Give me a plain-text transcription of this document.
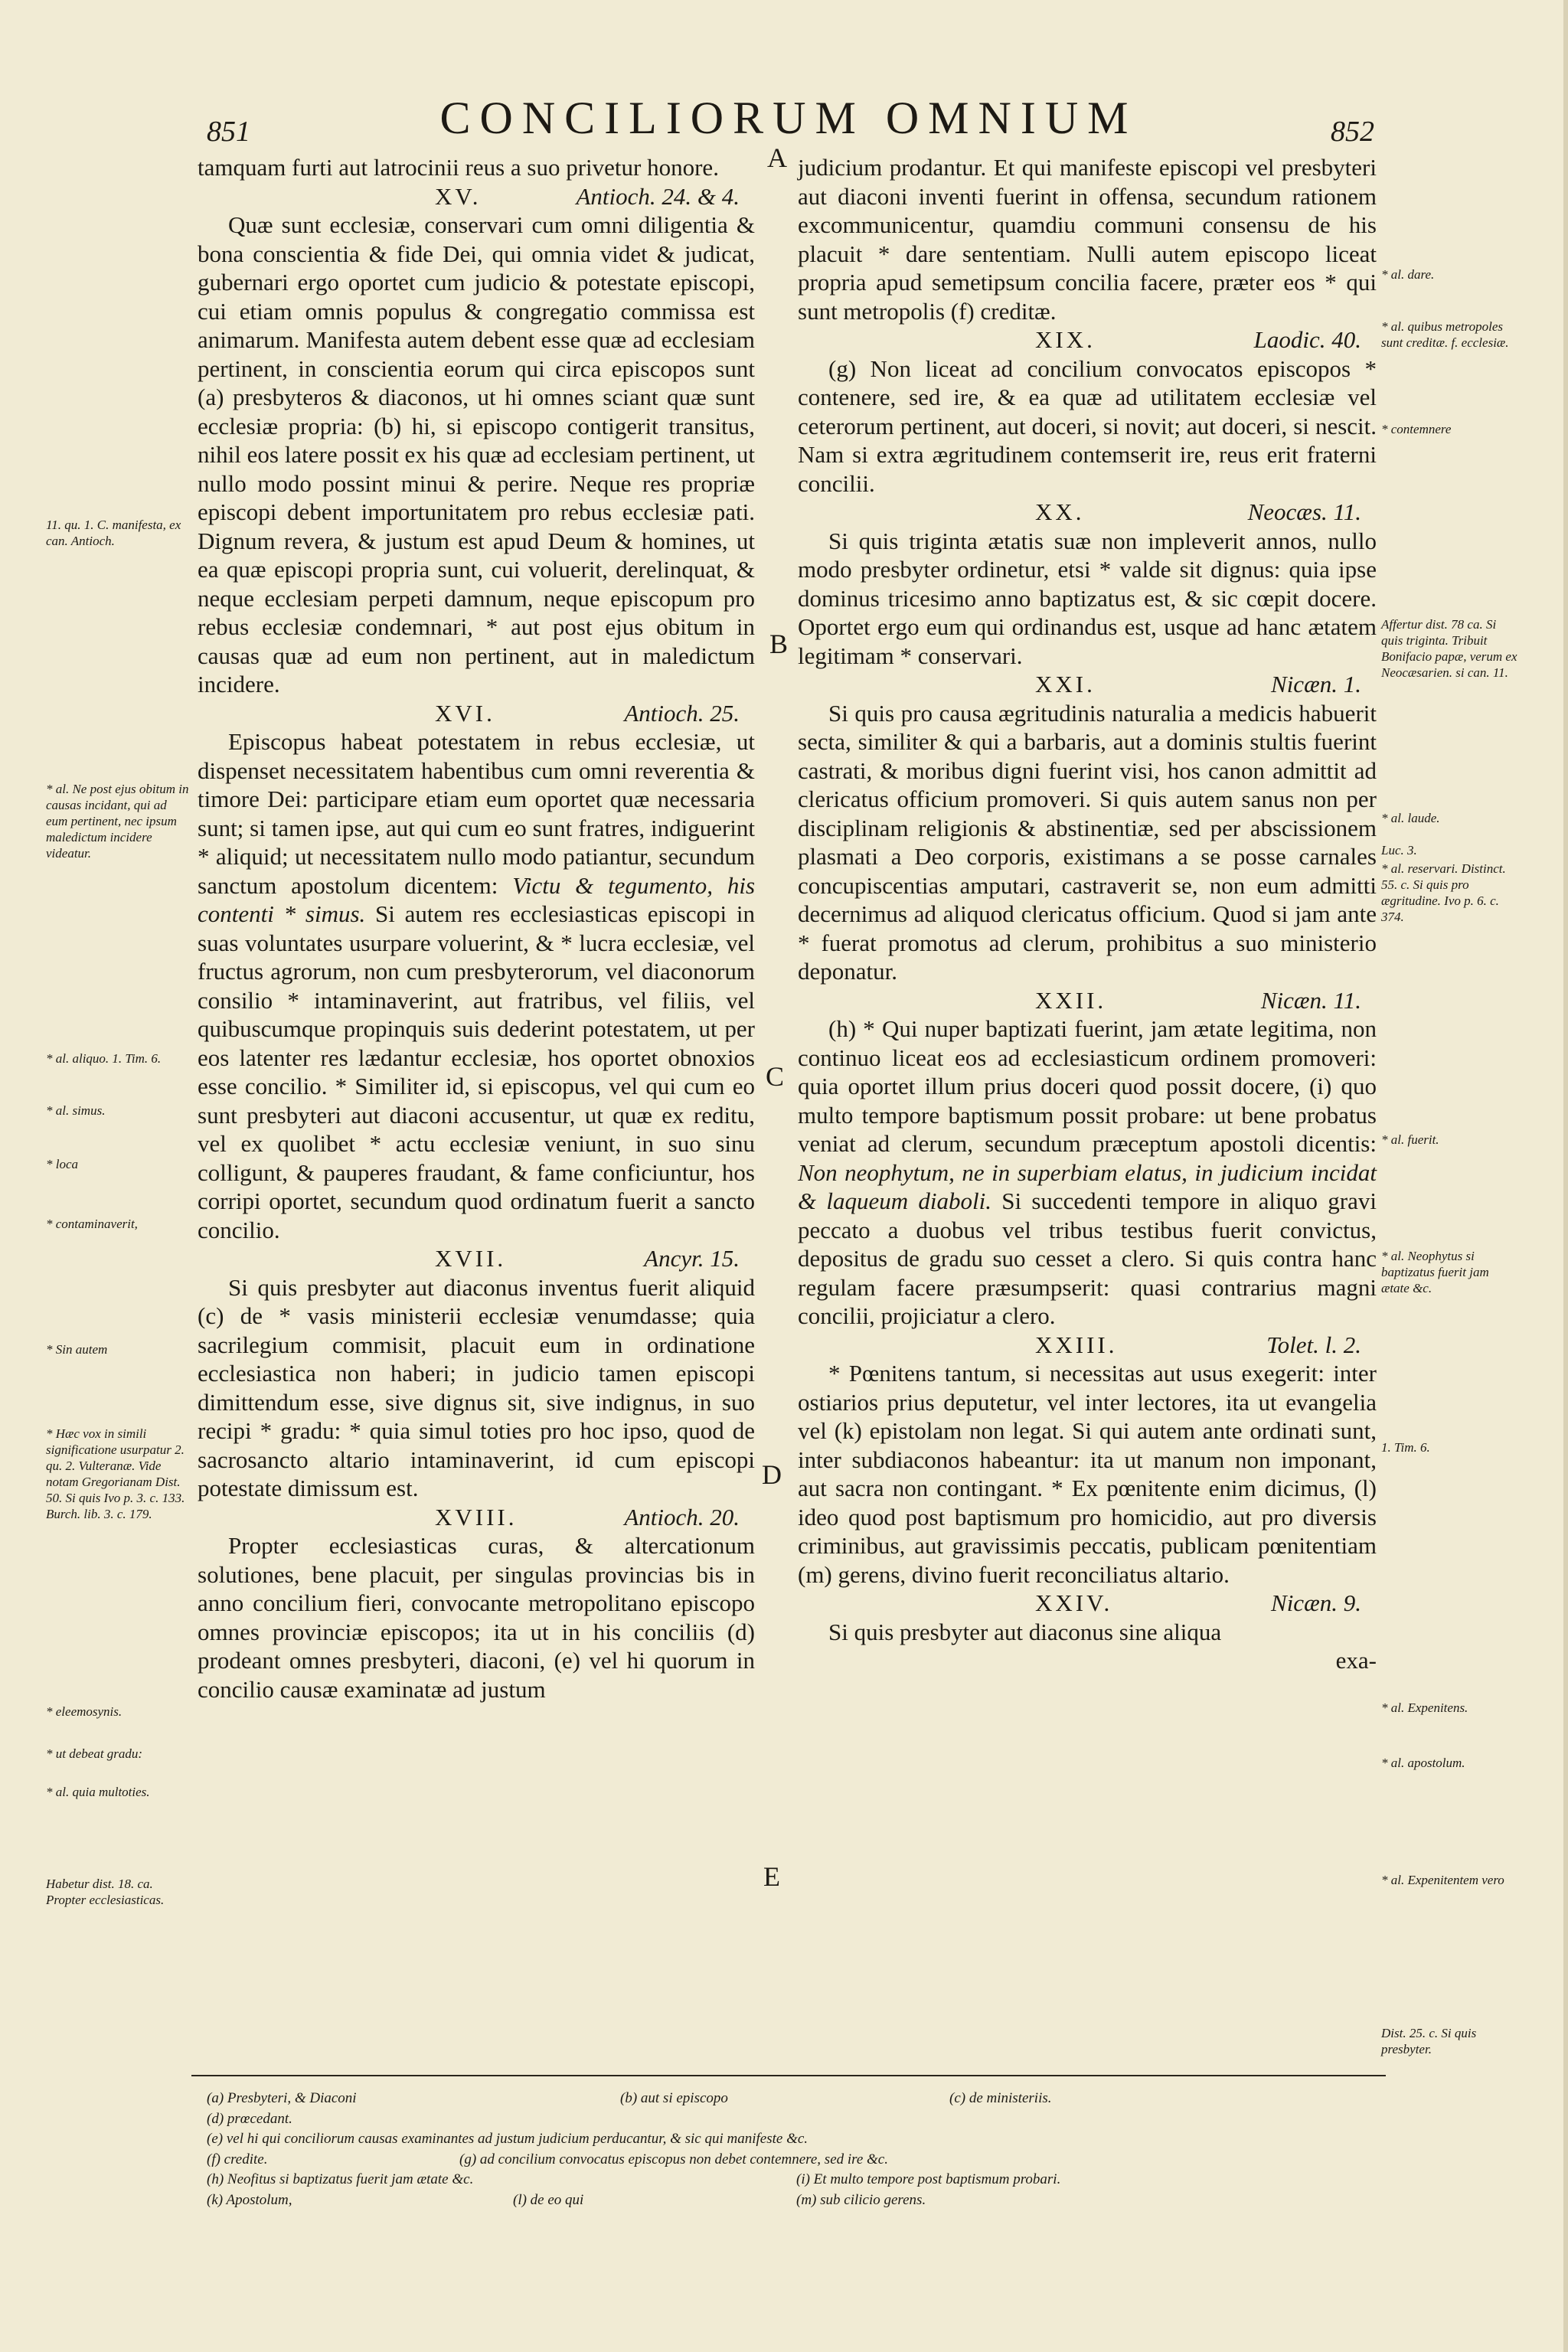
851	CONCILIORUM OMNIUM	852

tamquam furti aut latrocinii reus a suo privetur honore.

XV.	Antioch. 24. & 4.

Quæ sunt ecclesiæ, conservari cum omni diligentia & bona conscientia & fide Dei, qui omnia videt & judicat, gubernari ergo oportet cum judicio & potestate episcopi, cui etiam omnis populus & congregatio commissa est animarum. Manifesta autem debent esse quæ ad ecclesiam pertinent, in conscientia eorum qui circa episcopos sunt (a) presbyteros & diaconos, ut hi omnes sciant quæ sunt ecclesiæ propria: (b) hi, si episcopo contigerit transitus, nihil eos latere possit ex his quæ ad ecclesiam pertinent, ut nullo modo possint minui & perire. Neque res propriæ episcopi debent importunitatem pro rebus ecclesiæ pati. Dignum revera, & justum est apud Deum & homines, ut ea quæ episcopi propria sunt, cui voluerit, derelinquat, & neque ecclesiam perpeti damnum, neque episcopum pro rebus ecclesiæ condemnari, * aut post ejus obitum in causas quæ ad eum non pertinent, aut in maledictum incidere.

XVI.	Antioch. 25.

Episcopus habeat potestatem in rebus ecclesiæ, ut dispenset necessitatem habentibus cum omni reverentia & timore Dei: participare etiam eum oportet quæ necessaria sunt; si tamen ipse, aut qui cum eo sunt fratres, indiguerint * aliquid; ut necessitatem nullo modo patiantur, secundum sanctum apostolum dicentem: Victu & tegumento, his contenti * simus. Si autem res ecclesiasticas episcopi in suas voluntates usurpare voluerint, & * lucra ecclesiæ, vel fructus agrorum, non cum presbyterorum, vel diaconorum consilio * intaminaverint, aut fratribus, vel filiis, vel quibuscumque propinquis suis dederint potestatem, ut per eos latenter res lædantur ecclesiæ, hos oportet obnoxios esse concilio. * Similiter id, si episcopus, vel qui cum eo sunt presbyteri aut diaconi accusentur, ut quæ ex reditu, vel ex quolibet * actu ecclesiæ veniunt, in suo sinu colligunt, & pauperes fraudant, & fame conficiuntur, hos corripi oportet, secundum quod ordinatum fuerit a sancto concilio.

XVII.	Ancyr. 15.

Si quis presbyter aut diaconus inventus fuerit aliquid (c) de * vasis ministerii ecclesiæ venumdasse; quia sacrilegium commisit, placuit eum in ordinatione ecclesiastica non haberi; in judicio tamen episcopi dimittendum esse, sive dignus sit, sive indignus, in suo recipi * gradu: * quia simul toties pro hoc ipso, quod de sacrosancto altario intaminaverint, id cum episcopi potestate dimissum est.

XVIII.	Antioch. 20.

Propter ecclesiasticas curas, & altercationum solutiones, bene placuit, per singulas provincias bis in anno concilium fieri, convocante metropolitano episcopo omnes provinciæ episcopos; ita ut in his conciliis (d) prodeant omnes presbyteri, diaconi, (e) vel hi quorum in concilio causæ examinatæ ad justum

judicium prodantur. Et qui manifeste episcopi vel presbyteri aut diaconi inventi fuerint in offensa, secundum rationem excommunicentur, quamdiu communi consensu de his placuit * dare sententiam. Nulli autem episcopo liceat propria apud semetipsum concilia facere, præter eos * qui sunt metropolis (f) creditæ.

XIX.	Laodic. 40.

(g) Non liceat ad concilium convocatos episcopos * contenere, sed ire, & ea quæ ad utilitatem ecclesiæ vel ceterorum pertinent, aut doceri, si novit; aut doceri, si nescit. Nam si extra ægritudinem contemserit ire, reus erit fraterni concilii.

XX.	Neocæs. 11.

Si quis triginta ætatis suæ non impleverit annos, nullo modo presbyter ordinetur, etsi * valde sit dignus: quia ipse dominus tricesimo anno baptizatus est, & sic cœpit docere. Oportet ergo eum qui ordinandus est, usque ad hanc ætatem legitimam * conservari.

XXI.	Nicæn. 1.

Si quis pro causa ægritudinis naturalia a medicis habuerit secta, similiter & qui a barbaris, aut a dominis stultis fuerint castrati, & moribus digni fuerint visi, hos canon admittit ad clericatus officium promoveri. Si quis autem sanus non per disciplinam religionis & abstinentiæ, sed per abscissionem plasmati a Deo corporis, existimans a se posse carnales concupiscentias amputari, castraverit se, non eum admitti decernimus ad aliquod clericatus officium. Quod si jam ante * fuerat promotus ad clerum, prohibitus a suo ministerio deponatur.

XXII.	Nicæn. 11.

(h) * Qui nuper baptizati fuerint, jam ætate legitima, non continuo liceat eos ad ecclesiasticum ordinem promoveri: quia oportet illum prius doceri quod possit docere, (i) quo multo tempore baptismum possit probare: ut bene probatus veniat ad clerum, secundum præceptum apostoli dicentis: Non neophytum, ne in superbiam elatus, in judicium incidat & laqueum diaboli. Si succedenti tempore in aliquo gravi peccato a duobus vel tribus testibus fuerit convictus, depositus de gradu suo cesset a clero. Si quis contra hanc regulam facere præsumpserit: quasi contrarius magni concilii, projiciatur a clero.

XXIII.	Tolet. l. 2.

* Pœnitens tantum, si necessitas aut usus exegerit: inter ostiarios prius deputetur, vel inter lectores, ita ut evangelia vel (k) epistolam non legat. Si qui autem ante ordinati sunt, inter subdiaconos habeantur: ita ut manum non imponant, aut sacra non contingant. * Ex pœnitente enim dicimus, (l) ideo quod post baptismum pro homicidio, aut pro diversis criminibus, aut gravissimis peccatis, publicam pœnitentiam (m) gerens, divino fuerit reconciliatus altario.

XXIV.	Nicæn. 9.

Si quis presbyter aut diaconus sine aliqua

exa-

A
B
C
D
E
11. qu. 1. C. manifesta, ex can. Antioch.
* al. Ne post ejus obitum in causas incidant, qui ad eum pertinent, nec ipsum maledictum incidere videatur.
* al. aliquo. 1. Tim. 6.
* al. simus.
* loca
* contaminaverit,
* Sin autem
* Hæc vox in simili significatione usurpatur 2. qu. 2. Vulteranæ. Vide notam Gregorianam Dist. 50. Si quis Ivo p. 3. c. 133. Burch. lib. 3. c. 179.
* eleemosynis.
* ut debeat gradu:
* al. quia multoties.
Habetur dist. 18. ca. Propter ecclesiasticas.
* al. dare.
* al. quibus metropoles sunt creditæ. f. ecclesiæ.
* contemnere
Affertur dist. 78 ca. Si quis triginta. Tribuit Bonifacio papæ, verum ex Neocæsarien. si can. 11.
* al. laude.
Luc. 3.
* al. reservari. Distinct. 55. c. Si quis pro ægritudine. Ivo p. 6. c. 374.
* al. fuerit.
* al. Neophytus si baptizatus fuerit jam ætate &c.
1. Tim. 6.
* al. Expenitens.
* al. apostolum.
* al. Expenitentem vero
Dist. 25. c. Si quis presbyter.
(a) Presbyteri, & Diaconi	(b) aut si episcopo	(c) de ministeriis.
(d) prœcedant.
(e) vel hi qui conciliorum causas examinantes ad justum judicium perducantur, & sic qui manifeste &c.
(f) credite.	(g) ad concilium convocatus episcopus non debet contemnere, sed ire &c.
(h) Neofitus si baptizatus fuerit jam ætate &c.	(i) Et multo tempore post baptismum probari.
(k) Apostolum,	(l) de eo qui	(m) sub cilicio gerens.
